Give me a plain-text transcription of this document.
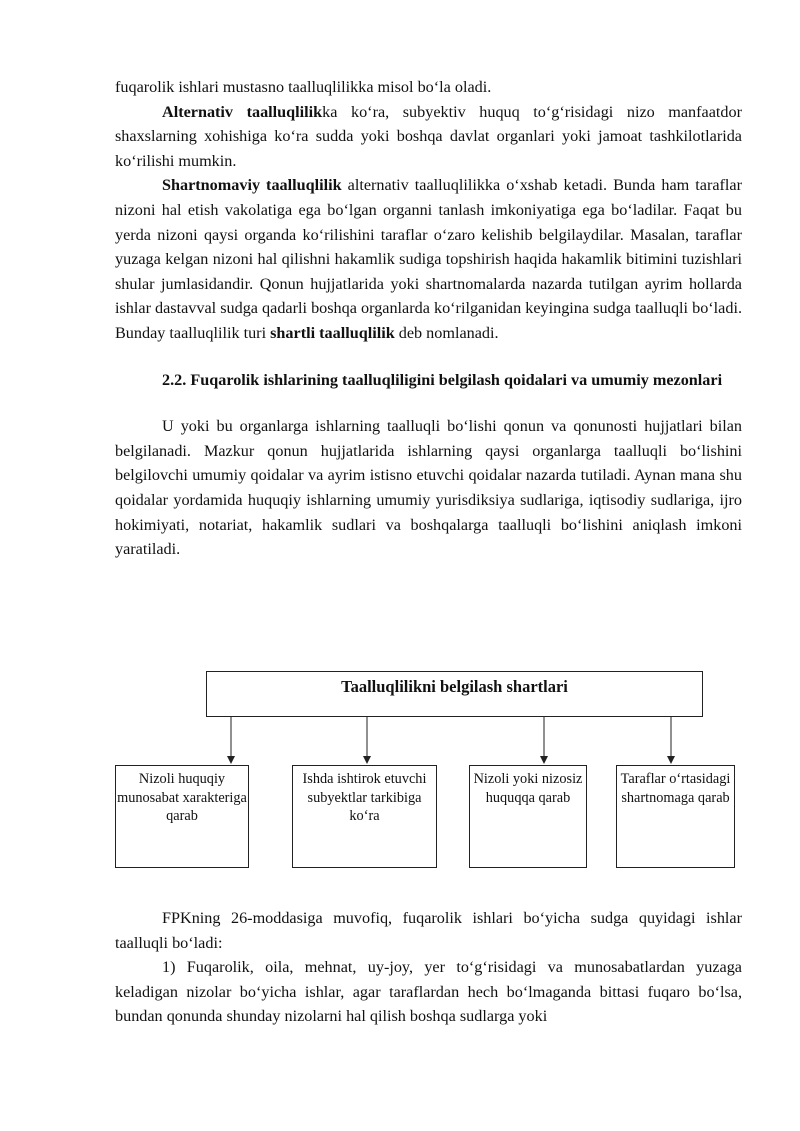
fuqarolik ishlari mustasno taalluqlilikka misol bo‘la oladi.

Alternativ taalluqlilikka ko‘ra, subyektiv huquq to‘g‘risidagi nizo manfaatdor shaxslarning xohishiga ko‘ra sudda yoki boshqa davlat organlari yoki jamoat tashkilotlarida ko‘rilishi mumkin.

Shartnomaviy taalluqlilik alternativ taalluqlilikka o‘xshab ketadi. Bunda ham taraflar nizoni hal etish vakolatiga ega bo‘lgan organni tanlash imkoniyatiga ega bo‘ladilar. Faqat bu yerda nizoni qaysi organda ko‘rilishini taraflar o‘zaro kelishib belgilaydilar. Masalan, taraflar yuzaga kelgan nizoni hal qilishni hakamlik sudiga topshirish haqida hakamlik bitimini tuzishlari shular jumlasidandir. Qonun hujjatlarida yoki shartnomalarda nazarda tutilgan ayrim hollarda ishlar dastavval sudga qadarli boshqa organlarda ko‘rilganidan keyingina sudga taalluqli bo‘ladi. Bunday taalluqlilik turi shartli taalluqlilik deb nomlanadi.

2.2. Fuqarolik ishlarining taalluqliligini belgilash qoidalari va umumiy mezonlari

U yoki bu organlarga ishlarning taalluqli bo‘lishi qonun va qonunosti hujjatlari bilan belgilanadi. Mazkur qonun hujjatlarida ishlarning qaysi organlarga taalluqli bo‘lishini belgilovchi umumiy qoidalar va ayrim istisno etuvchi qoidalar nazarda tutiladi. Aynan mana shu qoidalar yordamida huquqiy ishlarning umumiy yurisdiksiya sudlariga, iqtisodiy sudlariga, ijro hokimiyati, notariat, hakamlik sudlari va boshqalarga taalluqli bo‘lishini aniqlash imkoni yaratiladi.

Taalluqlilikni belgilash shartlari
Nizoli huquqiy munosabat xarakteriga qarab
Ishda ishtirok etuvchi subyektlar tarkibiga ko‘ra
Nizoli yoki nizosiz huquqqa qarab
Taraflar o‘rtasidagi shartnomaga qarab

FPKning 26-moddasiga muvofiq, fuqarolik ishlari bo‘yicha sudga quyidagi ishlar taalluqli bo‘ladi:

1) Fuqarolik, oila, mehnat, uy-joy, yer to‘g‘risidagi va munosabatlardan yuzaga keladigan nizolar bo‘yicha ishlar, agar taraflardan hech bo‘lmaganda bittasi fuqaro bo‘lsa, bundan qonunda shunday nizolarni hal qilish boshqa sudlarga yoki
